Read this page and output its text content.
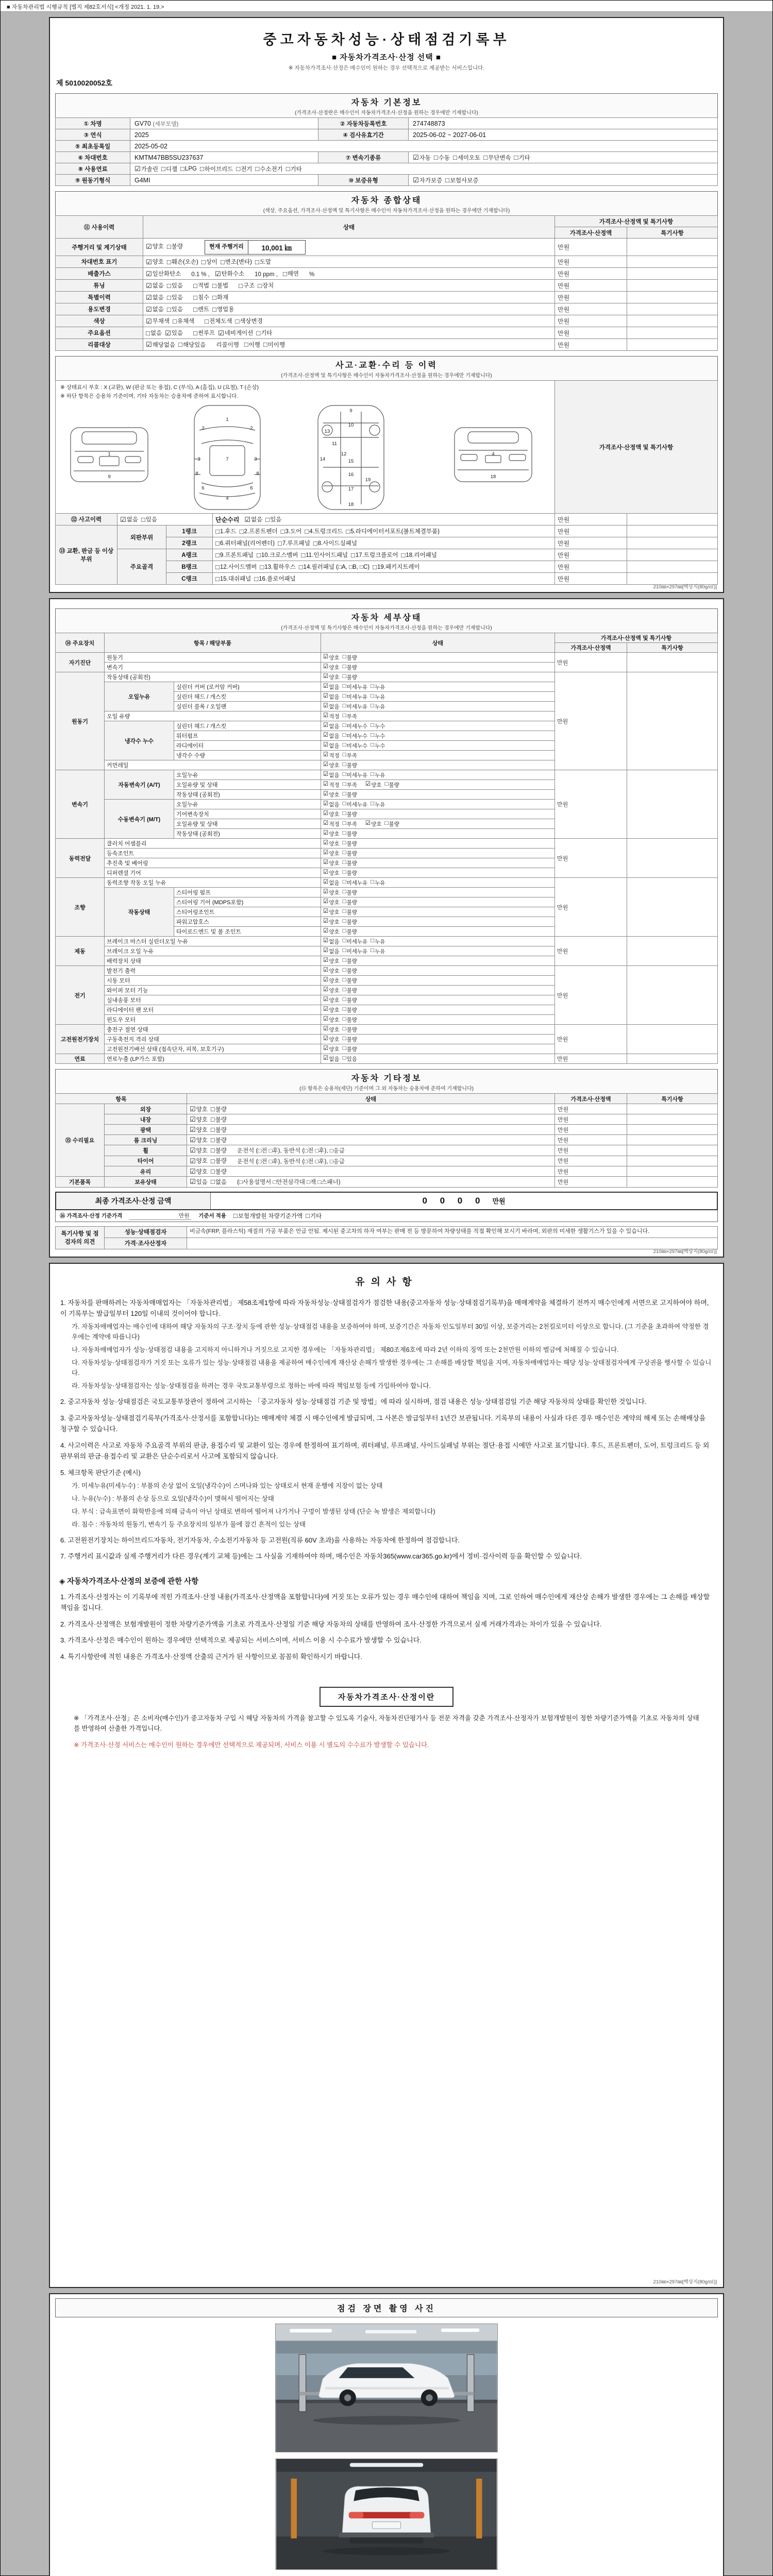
■ 자동차관리법 시행규칙 [별지 제82호서식] <개정 2021. 1. 19.>
중고자동차성능·상태점검기록부
■ 자동차가격조사·산정 선택 ■
※ 자동차가격조사·산정은 매수인이 원하는 경우 선택적으로 제공받는 서비스입니다.
제 5010020052호
자동차 기본정보
(가격조사·산정란은 매수인이 자동차가격조사·산정을 원하는 경우에만 기재합니다)
① 차명	GV70 (세부모델)	② 자동차등록번호	274748873
③ 연식	2025	④ 검사유효기간	2025-06-02 ~ 2027-06-01
⑤ 최초등록일	2025-05-02		
⑥ 차대번호	KMTM47BB5SU237637	⑦ 변속기종류	☑ 자동 □ 수동 □ 세미오토 □ 무단변속 □ 기타

⑧ 사용연료	☑ 가솔린 □ 디젤 □ LPG □ 하이브리드 □ 전기 □ 수소전기 □ 기타

⑨ 원동기형식	G4MI	⑩ 보증유형	☑ 자가보증 □ 보험사보증
자동차 종합상태
(색상, 주요옵션, 가격조사·산정액 및 특기사항은 매수인이 자동차가격조사·산정을 원하는 경우에만 기재합니다)
⑪ 사용이력	상태	가격조사·산정액 및 특기사항	
		가격조사·산정액	특기사항
주행거리 및 계기상태	☑ 양호 □ 불량	현재 주행거리	10,001 ㎞	만원	
차대번호 표기	☑ 양호 □ 훼손(오손) □ 상이 □ 변조(변타) □ 도말	만원	
배출가스	☑ 일산화탄소 0.1 % , ☑ 탄화수소 10 ppm , □ 매연 %	만원	
튜닝	☑ 없음 □ 있음 □ 적법 □ 불법 □ 구조 □ 장치	만원	
특별이력	☑ 없음 □ 있음 □ 침수 □ 화재	만원	
용도변경	☑ 없음 □ 있음 □ 렌트 □ 영업용	만원	
색상	☑ 무채색 □ 유채색 □ 전체도색 □ 색상변경	만원	
주요옵션	□ 없음 ☑ 있음 □ 썬루프 ☑ 네비게이션 □ 기타	만원	
리콜대상	☑ 해당없음 □ 해당있음 리콜이행 □ 이행 □ 미이행	만원	
사고·교환·수리 등 이력
(가격조사·산정액 및 특기사항은 매수인이 자동차가격조사·산정을 원하는 경우에만 기재합니다)
※ 상태표시 부호 : X (교환), W (판금 또는 용접), C (부식), A (흠집), U (요철), T (손상)
※ 하단 항목은 승용차 기준이며, 기타 자동차는 승용차에 준하여 표시합니다.
1
9
1
2	2
3	3
7
6	6
4
8	8
9
10
11
12
13
14	15
16
17
18
19
4
18
	가격조사·산정액 및 특기사항
⑫ 사고이력	☑ 없음 □ 있음		단순수리 ☑ 없음 □ 있음	만원	
⑬ 교환, 판금 등 이상 부위	외판부위	1랭크	□ 1.후드 □ 2.프론트펜더 □ 3.도어 □ 4.트렁크리드 □ 5.라디에이터서포트(볼트체결부품)	만원	
2랭크	□ 6.쿼터패널(리어펜더) □ 7.루프패널 □ 8.사이드실패널	만원	
주요골격	A랭크	□ 9.프론트패널 □ 10.크로스멤버 □ 11.인사이드패널 □ 17.트렁크플로어 □ 18.리어패널	만원	
B랭크	□ 12.사이드멤버 □ 13.휠하우스 □ 14.필러패널 (□A, □B, □C) □ 19.패키지트레이	만원	
		C랭크	□ 15.대쉬패널 □ 16.플로어패널	만원	
210㎜×297㎜[백상지(80g/㎡)]
자동차 세부상태
(가격조사·산정액 및 특기사항은 매수인이 자동차가격조사·산정을 원하는 경우에만 기재합니다)
⑭ 주요장치	항목 / 해당부품		상태	가격조사·산정액 및 특기사항	
				가격조사·산정액	특기사항
자기진단	원동기		☑ 양호 □ 불량	만원	
	변속기		☑ 양호 □ 불량		

원동기	작동상태 (공회전)		☑ 양호 □ 불량	만원	
오일누유	실린더 커버 (로커암 커버)	☑ 없음 □ 미세누유 □ 누유

실린더 헤드 / 개스킷	☑ 없음 □ 미세누유 □ 누유

실린더 블록 / 오일팬	☑ 없음 □ 미세누유 □ 누유

	오일 유량		☑ 적정 □ 부족		

냉각수 누수	실린더 헤드 / 개스킷	☑ 없음 □ 미세누수 □ 누수

워터펌프	☑ 없음 □ 미세누수 □ 누수

라디에이터	☑ 없음 □ 미세누수 □ 누수

		냉각수 수량	☑ 적정 □ 부족		

	커먼레일		☑ 양호 □ 불량		

변속기	자동변속기 (A/T)	오일누유	☑ 없음 □ 미세누유 □ 누유
	만원	
오일유량 및 상태	☑ 적정 □ 부족 ☑ 양호 □ 불량

		작동상태 (공회전)	☑ 양호 □ 불량		

수동변속기 (M/T)	오일누유	☑ 없음 □ 미세누유 □ 누유

		기어변속장치	☑ 양호 □ 불량		

오일유량 및 상태	☑ 적정 □ 부족 ☑ 양호 □ 불량

		작동상태 (공회전)	☑ 양호 □ 불량		

동력전달	클러치 어셈블리		☑ 양호 □ 불량	만원	
	등속조인트		☑ 양호 □ 불량		

	추진축 및 베어링		☑ 양호 □ 불량		

	디퍼렌셜 기어		☑ 양호 □ 불량		

조향	동력조향 작동 오일 누유	☑ 없음 □ 미세누유 □ 누유
	만원	
	작동상태	스티어링 펌프	☑ 양호 □ 불량		

		스티어링 기어 (MDPS포함)	☑ 양호 □ 불량		

		스티어링조인트	☑ 양호 □ 불량		

		파워고압호스	☑ 양호 □ 불량		

		타이로드엔드 및 볼 조인트	☑ 양호 □ 불량		

제동	브레이크 마스터 실린더오일 누유	☑ 없음 □ 미세누유 □ 누유
	만원	
브레이크 오일 누유	☑ 없음 □ 미세누유 □ 누유

	배력장치 상태		☑ 양호 □ 불량		

전기	발전기 출력		☑ 양호 □ 불량	만원	
	시동 모터		☑ 양호 □ 불량		

	와이퍼 모터 기능		☑ 양호 □ 불량		

	실내송풍 모터		☑ 양호 □ 불량		

	라디에이터 팬 모터		☑ 양호 □ 불량		

	윈도우 모터		☑ 양호 □ 불량		

고전원전기장치	충전구 절연 상태		☑ 양호 □ 불량	만원	
	구동축전지 격리 상태		☑ 양호 □ 불량		

	고전원전기배선 상태 (접속단자, 피복, 보호기구)		☑ 양호 □ 불량		

연료	연료누출 (LP가스 포함)		☑ 없음 □ 있음	만원	
자동차 기타정보
(⑮ 항목은 승용차(세단) 기준이며 그 외 자동차는 승용차에 준하여 기재합니다)
항목		상태	가격조사·산정액	특기사항
⑮ 수리필요	외장	☑ 양호 □ 불량	만원	
	내장	☑ 양호 □ 불량	만원	
	광택	☑ 양호 □ 불량	만원	
	룸 크리닝	☑ 양호 □ 불량	만원	
	휠	☑ 양호 □ 불량 운전석 (□전 □후), 동반석 (□전 □후), □응급	만원	
	타이어	☑ 양호 □ 불량 운전석 (□전 □후), 동반석 (□전 □후), □응급	만원	
	유리	☑ 양호 □ 불량	만원	
기본품목	보유상태	☑ 있음 □ 없음 (□사용설명서 □안전삼각대 □잭 □스패너)	만원	
최종 가격조사·산정 금액	0 0 0 0 만원
⑯ 가격조사·산정 기준가격	만원	기준서 적용 □ 보험개발원 차량기준가액 □ 기타
특기사항 및 점검자의 의견	성능·상태점검자	비금속(FRP, 플라스틱) 재질의 가공 부품은 언급 안됨. 제시된 중고차의 하자 여부는 판매 전 등 방문하여 차량상태를 직접 확인해 보시기 바라며, 외판의 미세한 생활기스가 있을 수 있습니다.
	가격·조사산정자	
210㎜×297㎜[백상지(80g/㎡)]
유의사항
1. 자동차를 판매하려는 자동차매매업자는 「자동차관리법」 제58조제1항에 따라 자동차성능·상태점검자가 점검한 내용(중고자동차 성능·상태점검기록부)을 매매계약을 체결하기 전까지 매수인에게 서면으로 고지하여야 하며, 이 기록부는 발급일부터 120일 이내의 것이어야 합니다.
가. 자동차매매업자는 매수인에 대하여 해당 자동차의 구조·장치 등에 관한 성능·상태점검 내용을 보증하여야 하며, 보증기간은 자동차 인도일부터 30일 이상, 보증거리는 2천킬로미터 이상으로 합니다. (그 기준을 초과하여 약정한 경우에는 계약에 따릅니다)
나. 자동차매매업자가 성능·상태점검 내용을 고지하지 아니하거나 거짓으로 고지한 경우에는 「자동차관리법」 제80조제6호에 따라 2년 이하의 징역 또는 2천만원 이하의 벌금에 처해질 수 있습니다.
다. 자동차성능·상태점검자가 거짓 또는 오류가 있는 성능·상태점검 내용을 제공하여 매수인에게 재산상 손해가 발생한 경우에는 그 손해를 배상할 책임을 지며, 자동차매매업자는 해당 성능·상태점검자에게 구상권을 행사할 수 있습니다.
라. 자동차성능·상태점검자는 성능·상태점검을 하려는 경우 국토교통부령으로 정하는 바에 따라 책임보험 등에 가입하여야 합니다.
2. 중고자동차 성능·상태점검은 국토교통부장관이 정하여 고시하는 「중고자동차 성능·상태점검 기준 및 방법」에 따라 실시하며, 점검 내용은 성능·상태점검일 기준 해당 자동차의 상태를 확인한 것입니다.
3. 중고자동차성능·상태점검기록부(가격조사·산정서를 포함합니다)는 매매계약 체결 시 매수인에게 발급되며, 그 사본은 발급일부터 1년간 보관됩니다. 기록부의 내용이 사실과 다른 경우 매수인은 계약의 해제 또는 손해배상을 청구할 수 있습니다.
4. 사고이력은 사고로 자동차 주요골격 부위의 판금, 용접수리 및 교환이 있는 경우에 한정하여 표기하며, 쿼터패널, 루프패널, 사이드실패널 부위는 절단·용접 시에만 사고로 표기합니다. 후드, 프론트펜더, 도어, 트렁크리드 등 외판부위의 판금·용접수리 및 교환은 단순수리로서 사고에 포함되지 않습니다.
5. 체크항목 판단기준 (예시)
가. 미세누유(미세누수) : 부품의 손상 없이 오일(냉각수)이 스며나와 있는 상태로서 현재 운행에 지장이 없는 상태
나. 누유(누수) : 부품의 손상 등으로 오일(냉각수)이 맺혀서 떨어지는 상태
다. 부식 : 금속표면이 화학반응에 의해 금속이 아닌 상태로 변하여 떨어져 나가거나 구멍이 발생된 상태 (단순 녹 발생은 제외합니다)
라. 침수 : 자동차의 원동기, 변속기 등 주요장치의 일부가 물에 잠긴 흔적이 있는 상태
6. 고전원전기장치는 하이브리드자동차, 전기자동차, 수소전기자동차 등 고전원(직류 60V 초과)을 사용하는 자동차에 한정하여 점검합니다.
7. 주행거리 표시값과 실제 주행거리가 다른 경우(계기 교체 등)에는 그 사실을 기재하여야 하며, 매수인은 자동차365(www.car365.go.kr)에서 정비·검사이력 등을 확인할 수 있습니다.
◈ 자동차가격조사·산정의 보증에 관한 사항
1. 가격조사·산정자는 이 기록부에 적힌 가격조사·산정 내용(가격조사·산정액을 포함합니다)에 거짓 또는 오류가 있는 경우 매수인에 대하여 책임을 지며, 그로 인하여 매수인에게 재산상 손해가 발생한 경우에는 그 손해를 배상할 책임을 집니다.
2. 가격조사·산정액은 보험개발원이 정한 차량기준가액을 기초로 가격조사·산정일 기준 해당 자동차의 상태를 반영하여 조사·산정한 가격으로서 실제 거래가격과는 차이가 있을 수 있습니다.
3. 가격조사·산정은 매수인이 원하는 경우에만 선택적으로 제공되는 서비스이며, 서비스 이용 시 수수료가 발생할 수 있습니다.
4. 특기사항란에 적힌 내용은 가격조사·산정액 산출의 근거가 된 사항이므로 꼼꼼히 확인하시기 바랍니다.
자동차가격조사·산정이란
※ 「가격조사·산정」은 소비자(매수인)가 중고자동차 구입 시 해당 자동차의 가격을 참고할 수 있도록 기술사, 자동차진단평가사 등 전문 자격을 갖춘 가격조사·산정자가 보험개발원이 정한 차량기준가액을 기초로 자동차의 상태를 반영하여 산출한 가격입니다.
※ 가격조사·산정 서비스는 매수인이 원하는 경우에만 선택적으로 제공되며, 서비스 이용 시 별도의 수수료가 발생할 수 있습니다.
210㎜×297㎜[백상지(80g/㎡)]
점검 장면 촬영 사진
